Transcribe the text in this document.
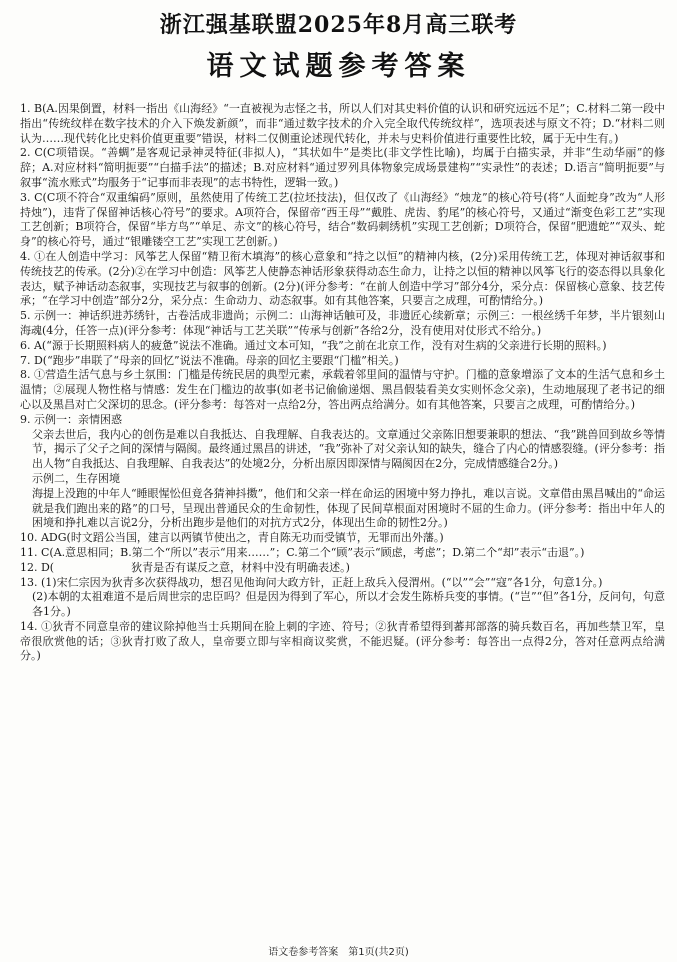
浙江强基联盟2025年8月高三联考
语文试题参考答案

1. B(A.因果倒置，材料一指出《山海经》“一直被视为志怪之书，所以人们对其史料价值的认识和研究远远不足”；C.材料二第一段中指出“传统纹样在数字技术的介入下焕发新颜”，而非“通过数字技术的介入完全取代传统纹样”，选项表述与原文不符；D.“材料二则认为……现代转化比史料价值更重要”错误，材料二仅侧重论述现代转化，并未与史料价值进行重要性比较，属于无中生有。)

2. C(C项错误。“善蜩”是客观记录神灵特征(非拟人)，“其状如牛”是类比(非文学性比喻)，均属于白描实录，并非“生动华丽”的修辞；A.对应材料“简明扼要”“白描手法”的描述；B.对应材料“通过罗列具体物象完成场景建构”“实录性”的表述；D.语言“简明扼要”与叙事“流水账式”均服务于“记事而非表现”的志书特性，逻辑一致。)

3. C(C项不符合“双重编码”原则，虽然使用了传统工艺(拉坯技法)，但仅改了《山海经》“烛龙”的核心符号(将“人面蛇身”改为“人形持烛”)，违背了保留神话核心符号”的要求。A项符合，保留帝“西王母”“戴胜、虎齿、豹尾”的核心符号，又通过“渐变色彩工艺”实现工艺创新；B项符合，保留“毕方鸟”“单足、赤文”的核心符号，结合“数码刺绣机”实现工艺创新；D项符合，保留“肥遗蛇”“双头、蛇身”的核心符号，通过“银雕镂空工艺”实现工艺创新。)

4. ①在人创造中学习：风筝艺人保留“精卫衔木填海”的核心意象和“持之以恒”的精神内核，(2分)采用传统工艺，体现对神话叙事和传统技艺的传承。(2分)②在学习中创造：风筝艺人使静态神话形象获得动态生命力，让持之以恒的精神以风筝飞行的姿态得以具象化表达，赋予神话动态叙事，实现技艺与叙事的创新。(2分)(评分参考：“在前人创造中学习”部分4分，采分点：保留核心意象、技艺传承；“在学习中创造”部分2分，采分点：生命动力、动态叙事。如有其他答案，只要言之成理，可酌情给分。)

5. 示例一：神话织进苏绣针，古卷活成非遗尚；示例二：山海神话触可及，非遗匠心续新章；示例三：一根丝绣千年梦，半片银刻山海魂(4分，任答一点)(评分参考：体现“神话与工艺关联”“传承与创新”各给2分，没有使用对仗形式不给分。)

6. A(“源于长期照料病人的疲惫”说法不准确。通过文本可知，“我”之前在北京工作，没有对生病的父亲进行长期的照料。)

7. D(“跑步”串联了“母亲的回忆”说法不准确。母亲的回忆主要跟“门槛”相关。)

8. ①营造生活气息与乡土氛围：门槛是传统民居的典型元素，承载着邻里间的温情与守护。门槛的意象增添了文本的生活气息和乡土温情；②展现人物性格与情感：发生在门槛边的故事(如老书记偷偷递烟、黑昌假装看美女实则怀念父亲)，生动地展现了老书记的细心以及黑昌对亡父深切的思念。(评分参考：每答对一点给2分，答出两点给满分。如有其他答案，只要言之成理，可酌情给分。)

9. 示例一：亲情困惑

父亲去世后，我内心的创伤是难以自我抵达、自我理解、自我表达的。文章通过父亲陈旧想要兼职的想法、“我”跳兽回到故乡等情节，揭示了父子之间的深情与隔阂。最终通过黑昌的讲述，“我”弥补了对父亲认知的缺失，缝合了内心的情感裂缝。(评分参考：指出人物“自我抵达、自我理解、自我表达”的处境2分，分析出原因即深情与隔阂因在2分，完成情感缝合2分。)

示例二，生存困境

海提上没跑的中年人“睡眼惺忪但竟各猜神抖擞”，他们和父亲一样在命运的困境中努力挣扎，难以言说。文章借由黑昌喊出的“命运就是我们跑出来的路”的口号，呈现出普通民众的生命韧性，体现了民间草根面对困境时不屈的生命力。(评分参考：指出中年人的困境和挣扎难以言说2分，分析出跑步是他们的对抗方式2分，体现出生命的韧性2分。)

10. ADG(时文蹈公当国，建言以两镇节使出之，青自陈无功而受镇节，无罪而出外藩。)

11. C(A.意思相同；B.第二个“所以”表示“用来……”；C.第二个“顾”表示“顾虑，考虑”；D.第二个“却”表示“击退”。)

12. D(　　　　　　　狄青是否有谋反之意，材料中没有明确表述。)

13. (1)宋仁宗因为狄青多次获得战功，想召见他询问大政方针，正赶上敌兵入侵渭州。(“以”“会”“寇”各1分，句意1分。)

(2)本朝的太祖难道不是后周世宗的忠臣吗？但是因为得到了军心，所以才会发生陈桥兵变的事情。(“岂”“但”各1分，反问句，句意各1分。)

14. ①狄青不同意皇帝的建议除掉他当士兵期间在脸上刺的字迹、符号；②狄青希望得到蕃邦部落的骑兵数百名，再加些禁卫军，皇帝很欣赏他的话；③狄青打败了敌人，皇帝要立即与宰相商议奖赏，不能迟疑。(评分参考：每答出一点得2分，答对任意两点给满分。)

语文卷参考答案　第1页(共2页)
